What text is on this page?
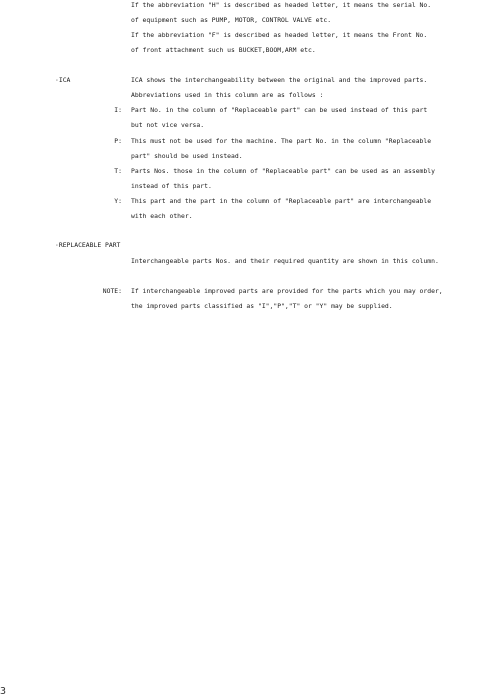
If the abbreviation "H" is described as headed letter, it means the serial No.
of equipment such as PUMP, MOTOR, CONTROL VALVE etc.
If the abbreviation "F" is described as headed letter, it means the Front No.
of front attachment such us BUCKET,BOOM,ARM etc.
·ICA	ICA shows the interchangeability between the original and the improved parts.
Abbreviations used in this column are as follows :
I: Part No. in the column of "Replaceable part" can be used instead of this part
but not vice versa.
P: This must not be used for the machine. The part No. in the column "Replaceable
part" should be used instead.
T: Parts Nos. those in the column of "Replaceable part" can be used as an assembly
instead of this part.
Y: This part and the part in the column of "Replaceable part" are interchangeable
with each other.
·REPLACEABLE PART
Interchangeable parts Nos. and their required quantity are shown in this column.
NOTE: If interchangeable improved parts are provided for the parts which you may order,
the improved parts classified as "I","P","T" or "Y" may be supplied.
3
